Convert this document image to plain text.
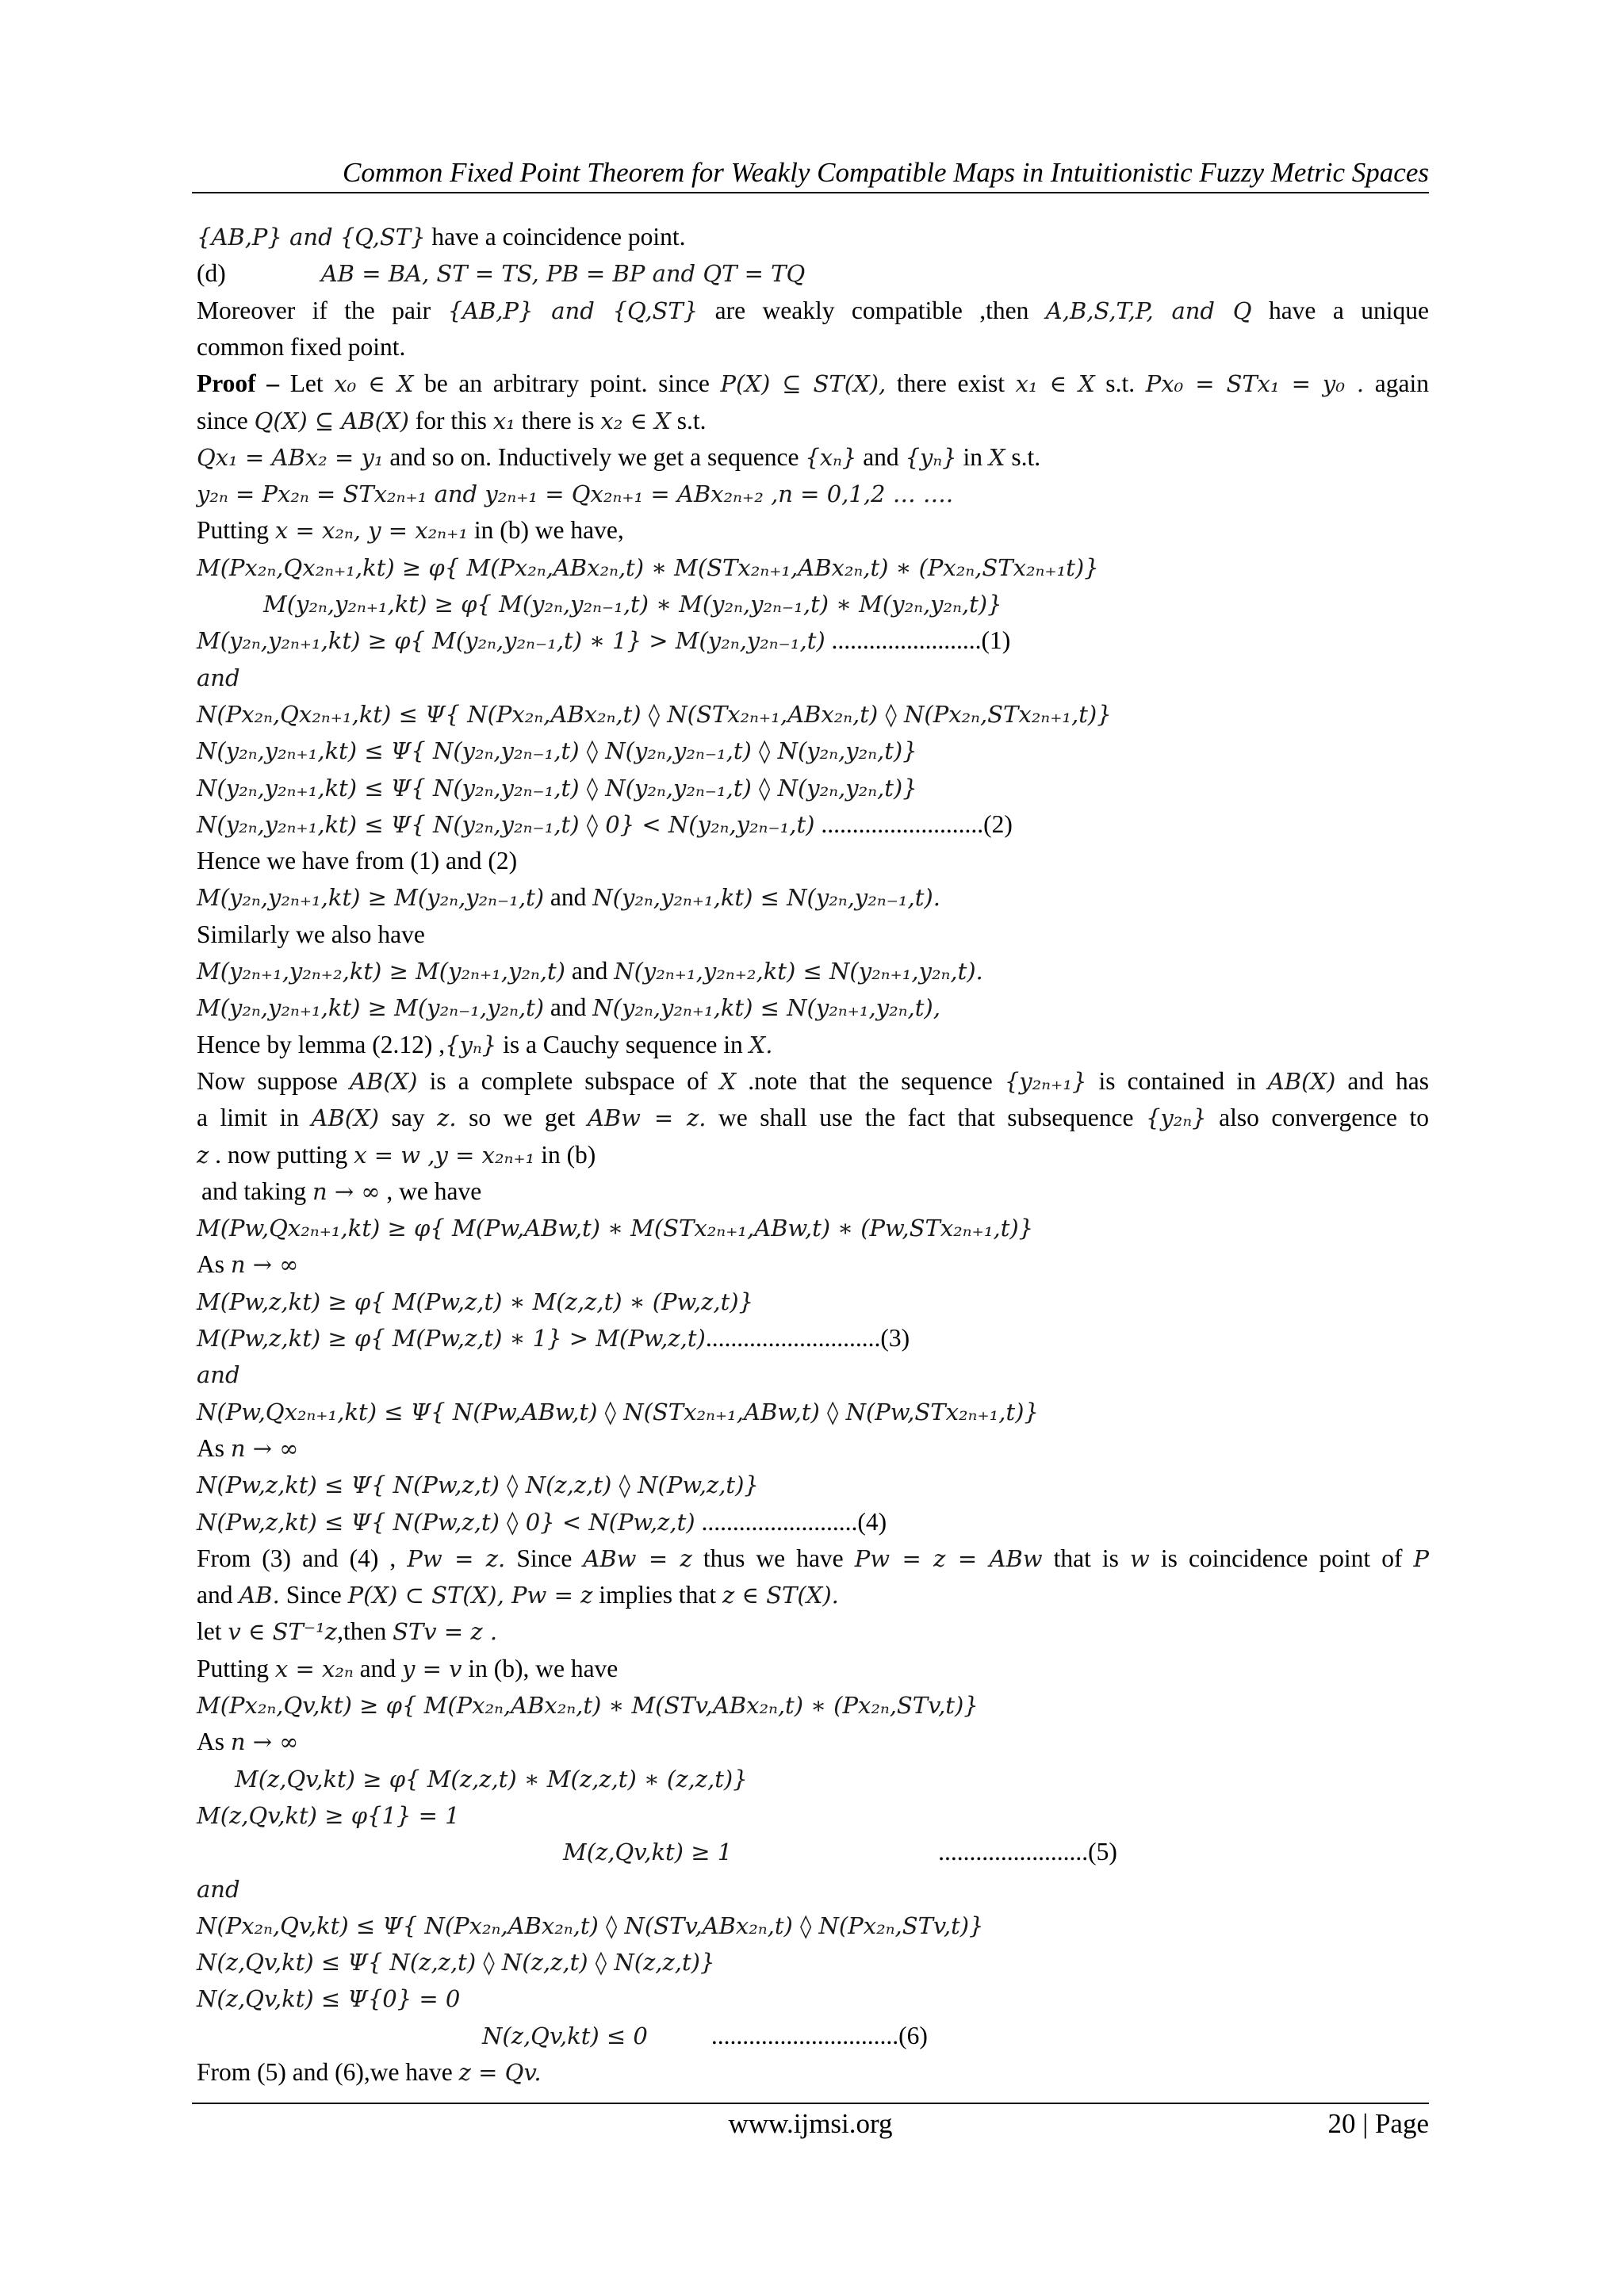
Common Fixed Point Theorem for Weakly Compatible Maps in Intuitionistic Fuzzy Metric Spaces
{AB,P} and {Q,ST} have a coincidence point.
(d)	AB = BA, ST = TS, PB = BP and QT = TQ
Moreover if the pair {AB,P} and {Q,ST} are weakly compatible ,then A,B,S,T,P, and Q have a unique
common fixed point.
Proof – Let x₀ ∈ X be an arbitrary point. since P(X) ⊆ ST(X), there exist x₁ ∈ X s.t. Px₀ = STx₁ = y₀ . again
since Q(X) ⊆ AB(X) for this x₁ there is x₂ ∈ X s.t.
Qx₁ = ABx₂ = y₁ and so on. Inductively we get a sequence {xₙ} and {yₙ} in X s.t.
y₂ₙ = Px₂ₙ = STx₂ₙ₊₁ and y₂ₙ₊₁ = Qx₂ₙ₊₁ = ABx₂ₙ₊₂ ,n = 0,1,2 … ….
Putting x = x₂ₙ, y = x₂ₙ₊₁ in (b) we have,
M(Px₂ₙ,Qx₂ₙ₊₁,kt) ≥ φ{ M(Px₂ₙ,ABx₂ₙ,t) ∗ M(STx₂ₙ₊₁,ABx₂ₙ,t) ∗ (Px₂ₙ,STx₂ₙ₊₁t)}
M(y₂ₙ,y₂ₙ₊₁,kt) ≥ φ{ M(y₂ₙ,y₂ₙ₋₁,t) ∗ M(y₂ₙ,y₂ₙ₋₁,t) ∗ M(y₂ₙ,y₂ₙ,t)}
M(y₂ₙ,y₂ₙ₊₁,kt) ≥ φ{ M(y₂ₙ,y₂ₙ₋₁,t) ∗ 1} > M(y₂ₙ,y₂ₙ₋₁,t) ........................(1)
and
N(Px₂ₙ,Qx₂ₙ₊₁,kt) ≤ Ψ{ N(Px₂ₙ,ABx₂ₙ,t) ◊ N(STx₂ₙ₊₁,ABx₂ₙ,t) ◊ N(Px₂ₙ,STx₂ₙ₊₁,t)}
N(y₂ₙ,y₂ₙ₊₁,kt) ≤ Ψ{ N(y₂ₙ,y₂ₙ₋₁,t) ◊ N(y₂ₙ,y₂ₙ₋₁,t) ◊ N(y₂ₙ,y₂ₙ,t)}
N(y₂ₙ,y₂ₙ₊₁,kt) ≤ Ψ{ N(y₂ₙ,y₂ₙ₋₁,t) ◊ N(y₂ₙ,y₂ₙ₋₁,t) ◊ N(y₂ₙ,y₂ₙ,t)}
N(y₂ₙ,y₂ₙ₊₁,kt) ≤ Ψ{ N(y₂ₙ,y₂ₙ₋₁,t) ◊ 0} < N(y₂ₙ,y₂ₙ₋₁,t) ..........................(2)
Hence we have from (1) and (2)
M(y₂ₙ,y₂ₙ₊₁,kt) ≥ M(y₂ₙ,y₂ₙ₋₁,t) and N(y₂ₙ,y₂ₙ₊₁,kt) ≤ N(y₂ₙ,y₂ₙ₋₁,t).
Similarly we also have
M(y₂ₙ₊₁,y₂ₙ₊₂,kt) ≥ M(y₂ₙ₊₁,y₂ₙ,t) and N(y₂ₙ₊₁,y₂ₙ₊₂,kt) ≤ N(y₂ₙ₊₁,y₂ₙ,t).
M(y₂ₙ,y₂ₙ₊₁,kt) ≥ M(y₂ₙ₋₁,y₂ₙ,t) and N(y₂ₙ,y₂ₙ₊₁,kt) ≤ N(y₂ₙ₊₁,y₂ₙ,t),
Hence by lemma (2.12) ,{yₙ} is a Cauchy sequence in X.
Now suppose AB(X) is a complete subspace of X .note that the sequence {y₂ₙ₊₁} is contained in AB(X) and has
a limit in AB(X) say z. so we get ABw = z. we shall use the fact that subsequence {y₂ₙ} also convergence to
z . now putting x = w ,y = x₂ₙ₊₁ in (b)
and taking n → ∞ , we have
M(Pw,Qx₂ₙ₊₁,kt) ≥ φ{ M(Pw,ABw,t) ∗ M(STx₂ₙ₊₁,ABw,t) ∗ (Pw,STx₂ₙ₊₁,t)}
As n → ∞
M(Pw,z,kt) ≥ φ{ M(Pw,z,t) ∗ M(z,z,t) ∗ (Pw,z,t)}
M(Pw,z,kt) ≥ φ{ M(Pw,z,t) ∗ 1} > M(Pw,z,t)............................(3)
and
N(Pw,Qx₂ₙ₊₁,kt) ≤ Ψ{ N(Pw,ABw,t) ◊ N(STx₂ₙ₊₁,ABw,t) ◊ N(Pw,STx₂ₙ₊₁,t)}
As n → ∞
N(Pw,z,kt) ≤ Ψ{ N(Pw,z,t) ◊ N(z,z,t) ◊ N(Pw,z,t)}
N(Pw,z,kt) ≤ Ψ{ N(Pw,z,t) ◊ 0} < N(Pw,z,t) .........................(4)
From (3) and (4) , Pw = z. Since ABw = z thus we have Pw = z = ABw that is w is coincidence point of P
and AB. Since P(X) ⊂ ST(X), Pw = z implies that z ∈ ST(X).
let v ∈ ST⁻¹z,then STv = z .
Putting x = x₂ₙ and y = v in (b), we have
M(Px₂ₙ,Qv,kt) ≥ φ{ M(Px₂ₙ,ABx₂ₙ,t) ∗ M(STv,ABx₂ₙ,t) ∗ (Px₂ₙ,STv,t)}
As n → ∞
M(z,Qv,kt) ≥ φ{ M(z,z,t) ∗ M(z,z,t) ∗ (z,z,t)}
M(z,Qv,kt) ≥ φ{1} = 1
M(z,Qv,kt) ≥ 1	........................(5)
and
N(Px₂ₙ,Qv,kt) ≤ Ψ{ N(Px₂ₙ,ABx₂ₙ,t) ◊ N(STv,ABx₂ₙ,t) ◊ N(Px₂ₙ,STv,t)}
N(z,Qv,kt) ≤ Ψ{ N(z,z,t) ◊ N(z,z,t) ◊ N(z,z,t)}
N(z,Qv,kt) ≤ Ψ{0} = 0
N(z,Qv,kt) ≤ 0	..............................(6)
From (5) and (6),we have z = Qv.
www.ijmsi.org	20 | Page
